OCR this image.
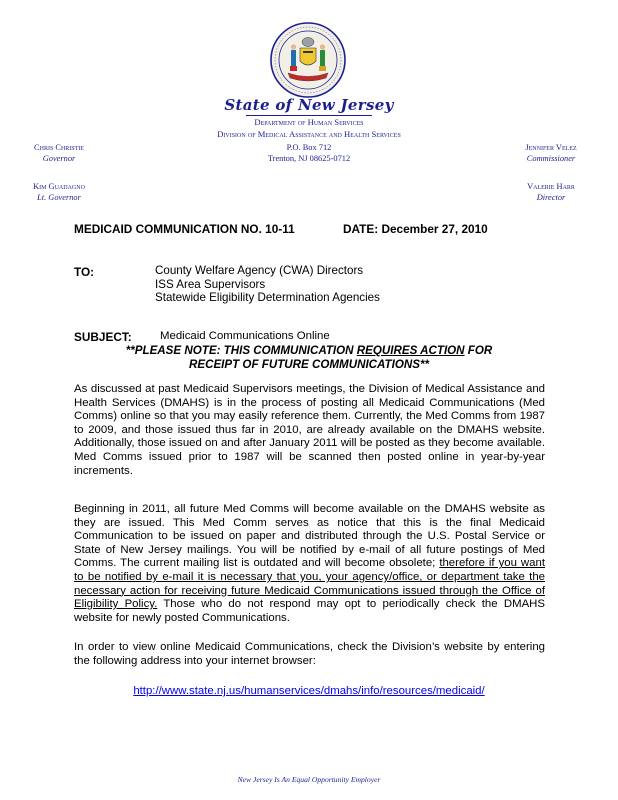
State of New Jersey
Department of Human Services
Division of Medical Assistance and Health Services
P.O. Box 712
Trenton, NJ 08625-0712
Chris Christie
Governor
Kim Guadagno
Lt. Governor
Jennifer Velez
Commissioner
Valerie Harr
Director
MEDICAID COMMUNICATION NO. 10-11	DATE: December 27, 2010
TO:	County Welfare Agency (CWA) Directors
ISS Area Supervisors
Statewide Eligibility Determination Agencies
SUBJECT: Medicaid Communications Online
**PLEASE NOTE: THIS COMMUNICATION REQUIRES ACTION FOR
RECEIPT OF FUTURE COMMUNICATIONS**

As discussed at past Medicaid Supervisors meetings, the Division of Medical Assistance and Health Services (DMAHS) is in the process of posting all Medicaid Communications (Med Comms) online so that you may easily reference them. Currently, the Med Comms from 1987 to 2009, and those issued thus far in 2010, are already available on the DMAHS website. Additionally, those issued on and after January 2011 will be posted as they become available. Med Comms issued prior to 1987 will be scanned then posted online in year-by-year increments.

Beginning in 2011, all future Med Comms will become available on the DMAHS website as they are issued. This Med Comm serves as notice that this is the final Medicaid Communication to be issued on paper and distributed through the U.S. Postal Service or State of New Jersey mailings. You will be notified by e-mail of all future postings of Med Comms. The current mailing list is outdated and will become obsolete; therefore if you want to be notified by e-mail it is necessary that you, your agency/office, or department take the necessary action for receiving future Medicaid Communications issued through the Office of Eligibility Policy. Those who do not respond may opt to periodically check the DMAHS website for newly posted Communications.

In order to view online Medicaid Communications, check the Division’s website by entering the following address into your internet browser:

http://www.state.nj.us/humanservices/dmahs/info/resources/medicaid/
New Jersey Is An Equal Opportunity Employer
